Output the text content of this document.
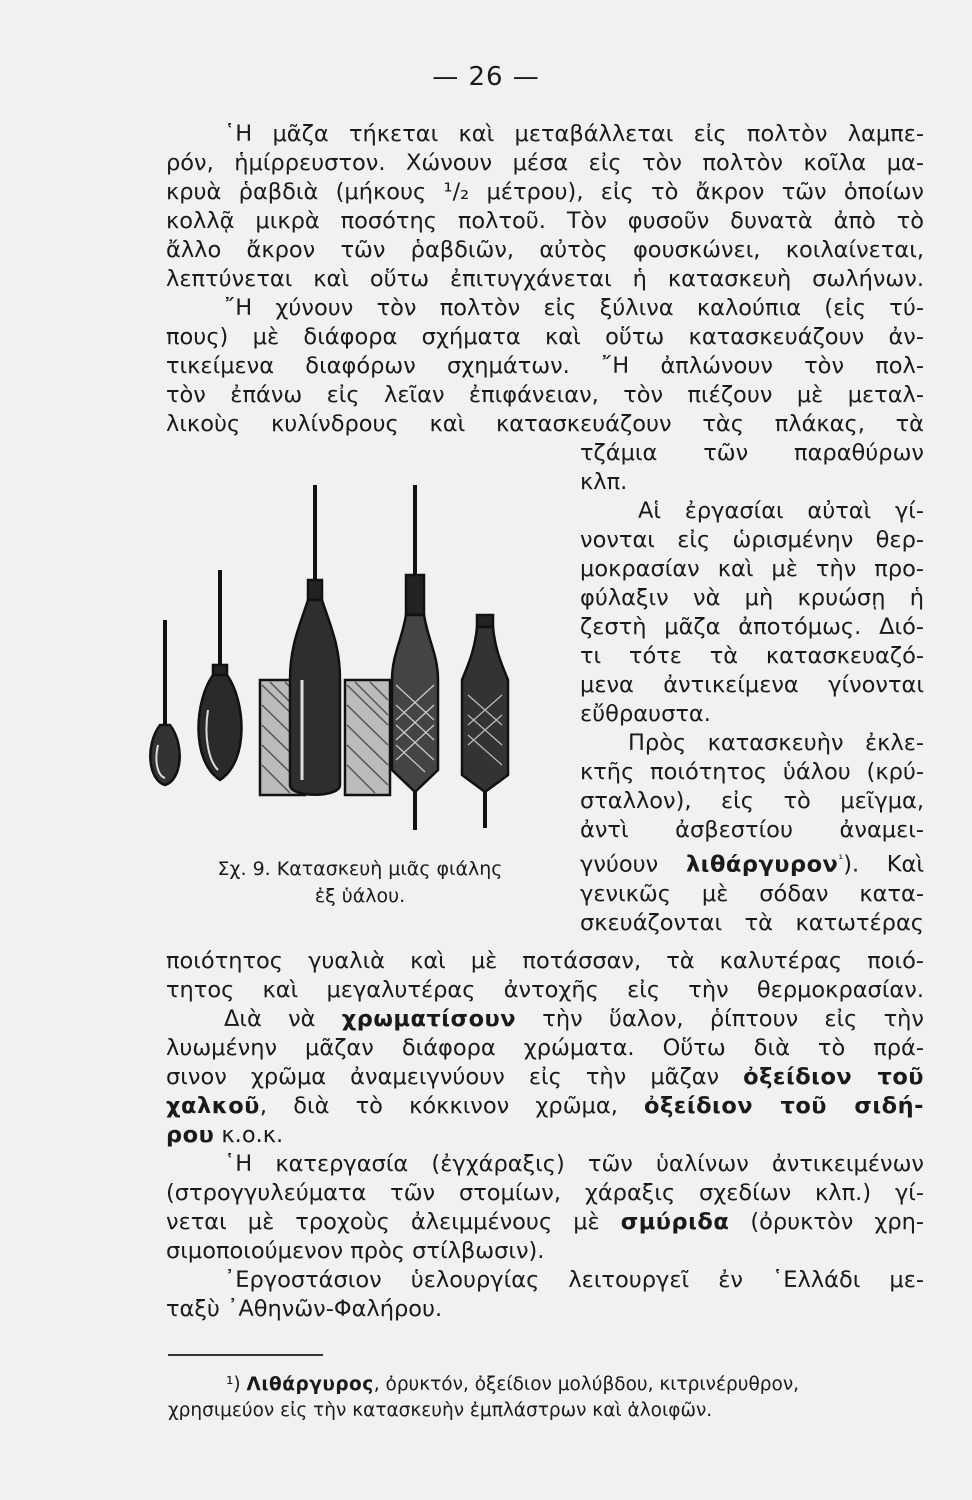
— 26 —
῾Η μᾶζα τήκεται καὶ μεταβάλλεται εἰς πολτὸν λαμπε-
ρόν, ἡμίρρευστον. Χώνουν μέσα εἰς τὸν πολτὸν κοῖλα μα-
κρυὰ ῥαβδιὰ (μήκους ¹/₂ μέτρου), εἰς τὸ ἄκρον τῶν ὁποίων
κολλᾷ μικρὰ ποσότης πολτοῦ. Τὸν φυσοῦν δυνατὰ ἀπὸ τὸ
ἄλλο ἄκρον τῶν ῥαβδιῶν, αὐτὸς φουσκώνει, κοιλαίνεται,
λεπτύνεται καὶ οὕτω ἐπιτυγχάνεται ἡ κατασκευὴ σωλήνων.
῎Η χύνουν τὸν πολτὸν εἰς ξύλινα καλούπια (εἰς τύ-
πους) μὲ διάφορα σχήματα καὶ οὕτω κατασκευάζουν ἀν-
τικείμενα διαφόρων σχημάτων. ῎Η ἀπλώνουν τὸν πολ-
τὸν ἐπάνω εἰς λεῖαν ἐπιφάνειαν, τὸν πιέζουν μὲ μεταλ-
λικοὺς κυλίνδρους καὶ κατασκευάζουν τὰς πλάκας, τὰ
Σχ. 9. Κατασκευὴ μιᾶς φιάλης
ἐξ ὑάλου.
τζάμια τῶν παραθύρων
κλπ.
Αἱ ἐργασίαι αὐταὶ γί-
νονται εἰς ὡρισμένην θερ-
μοκρασίαν καὶ μὲ τὴν προ-
φύλαξιν νὰ μὴ κρυώσῃ ἡ
ζεστὴ μᾶζα ἀποτόμως. Διό-
τι τότε τὰ κατασκευαζό-
μενα ἀντικείμενα γίνονται
εὔθραυστα.
Πρὸς κατασκευὴν ἐκλε-
κτῆς ποιότητος ὑάλου (κρύ-
σταλλον), εἰς τὸ μεῖγμα,
ἀντὶ ἀσβεστίου ἀναμει-
γνύουν λιθάργυρον$^{^1}$). Καὶ
γενικῶς μὲ σόδαν κατα-
σκευάζονται τὰ κατωτέρας
ποιότητος γυαλιὰ καὶ μὲ ποτάσσαν, τὰ καλυτέρας ποιό-
τητος καὶ μεγαλυτέρας ἀντοχῆς εἰς τὴν θερμοκρασίαν.
Διὰ νὰ χρωματίσουν τὴν ὕαλον, ῥίπτουν εἰς τὴν
λυωμένην μᾶζαν διάφορα χρώματα. Οὕτω διὰ τὸ πρά-
σινον χρῶμα ἀναμειγνύουν εἰς τὴν μᾶζαν ὀξείδιον τοῦ
χαλκοῦ, διὰ τὸ κόκκινον χρῶμα, ὀξείδιον τοῦ σιδή-
ρου κ.ο.κ.
῾Η κατεργασία (ἐγχάραξις) τῶν ὑαλίνων ἀντικειμένων
(στρογγυλεύματα τῶν στομίων, χάραξις σχεδίων κλπ.) γί-
νεται μὲ τροχοὺς ἀλειμμένους μὲ σμύριδα (ὀρυκτὸν χρη-
σιμοποιούμενον πρὸς στίλβωσιν).
᾿Εργοστάσιον ὑελουργίας λειτουργεῖ ἐν ῾Ελλάδι με-
ταξὺ ᾿Αθηνῶν-Φαλήρου.
¹) Λιθάργυρος, ὀρυκτόν, ὀξείδιον μολύβδου, κιτρινέρυθρον,
χρησιμεύον εἰς τὴν κατασκευὴν ἐμπλάστρων καὶ ἀλοιφῶν.
